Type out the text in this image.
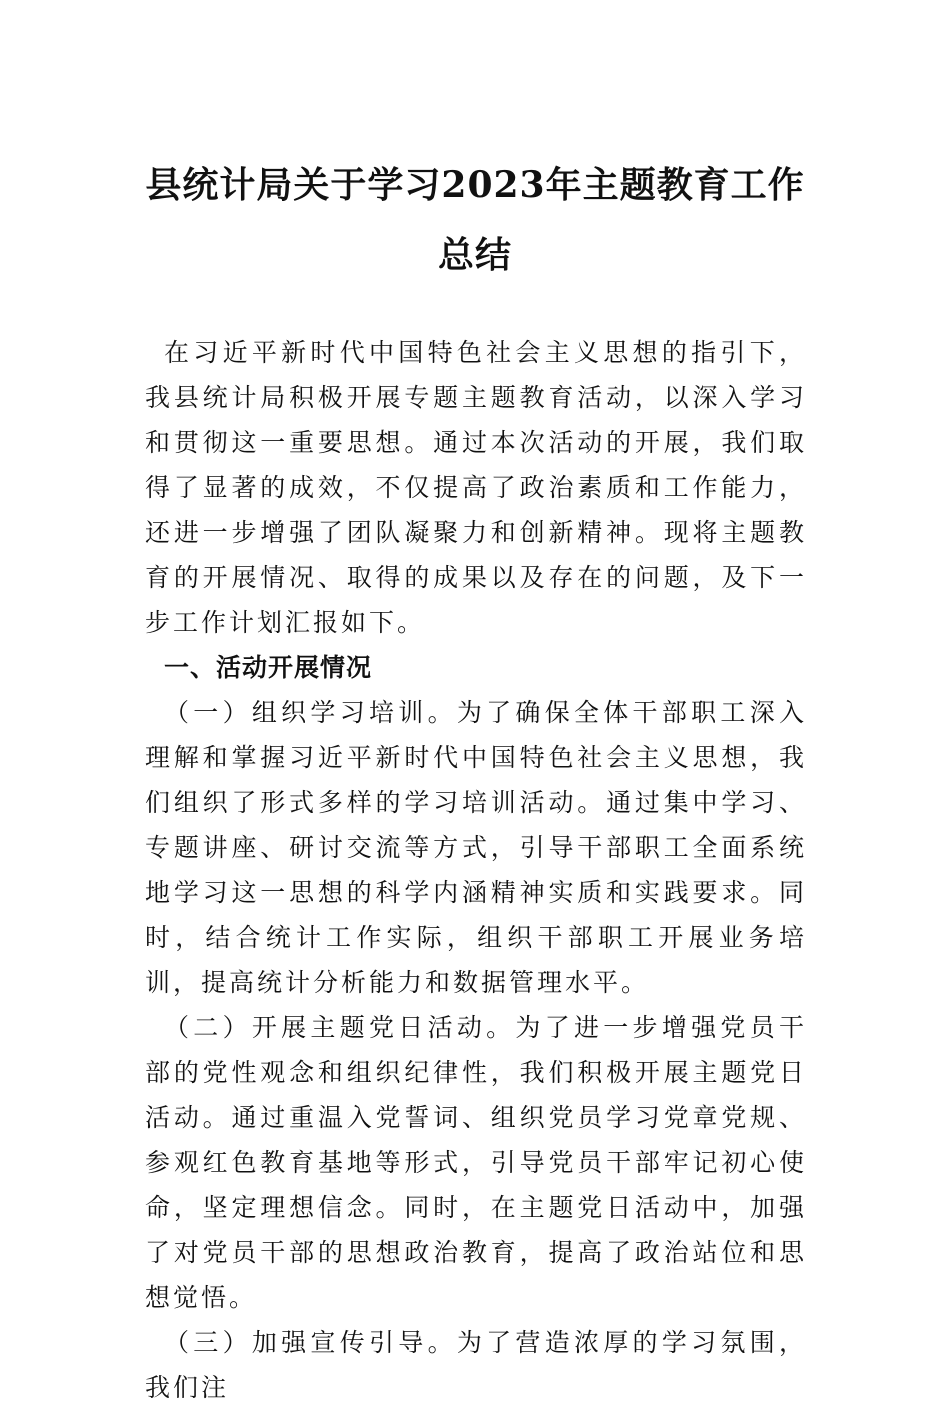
县统计局关于学习2023年主题教育工作总结

在习近平新时代中国特色社会主义思想的指引下，我县统计局积极开展专题主题教育活动，以深入学习和贯彻这一重要思想。通过本次活动的开展，我们取得了显著的成效，不仅提高了政治素质和工作能力，还进一步增强了团队凝聚力和创新精神。现将主题教育的开展情况、取得的成果以及存在的问题，及下一步工作计划汇报如下。

一、活动开展情况

（一）组织学习培训。为了确保全体干部职工深入理解和掌握习近平新时代中国特色社会主义思想，我们组织了形式多样的学习培训活动。通过集中学习、专题讲座、研讨交流等方式，引导干部职工全面系统地学习这一思想的科学内涵精神实质和实践要求。同时，结合统计工作实际，组织干部职工开展业务培训，提高统计分析能力和数据管理水平。

（二）开展主题党日活动。为了进一步增强党员干部的党性观念和组织纪律性，我们积极开展主题党日活动。通过重温入党誓词、组织党员学习党章党规、参观红色教育基地等形式，引导党员干部牢记初心使命，坚定理想信念。同时，在主题党日活动中，加强了对党员干部的思想政治教育，提高了政治站位和思想觉悟。

（三）加强宣传引导。为了营造浓厚的学习氛围，我们注
